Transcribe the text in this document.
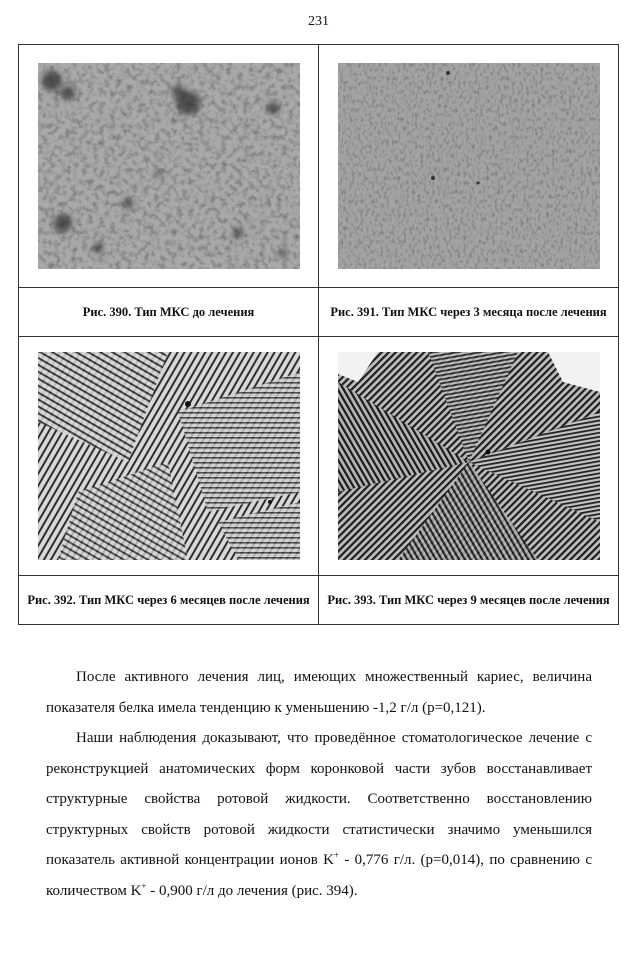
231

Рис. 390. Тип МКС до лечения	Рис. 391. Тип МКС через 3 месяца после лечения

Рис. 392. Тип МКС через 6 месяцев после лечения	Рис. 393. Тип МКС через 9 месяцев после лечения

После активного лечения лиц, имеющих множественный кариес, величина показателя белка имела тенденцию к уменьшению -1,2 г/л (p=0,121).

Наши наблюдения доказывают, что проведённое стоматологическое лечение с реконструкцией анатомических форм коронковой части зубов восстанавливает структурные свойства ротовой жидкости. Соответственно восстановлению структурных свойств ротовой жидкости статистически значимо уменьшился показатель активной концентрации ионов K+ - 0,776 г/л. (p=0,014), по сравнению с количеством K+ - 0,900 г/л до лечения (рис. 394).
